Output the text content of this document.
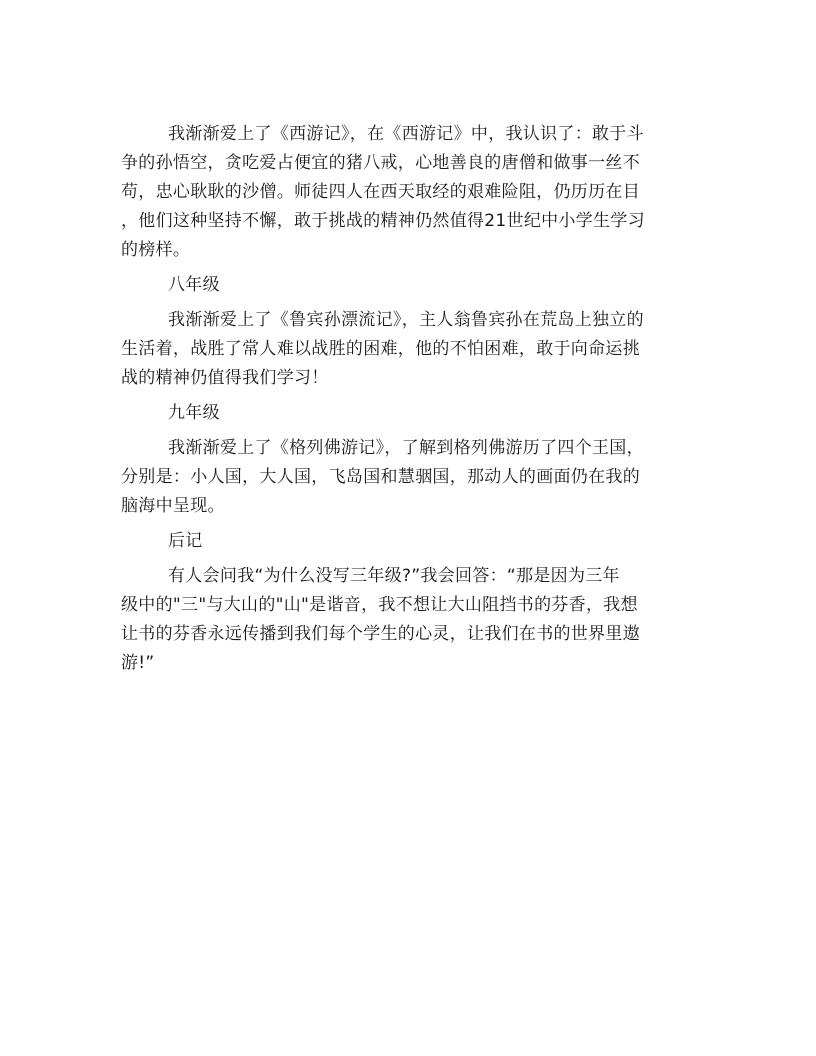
我渐渐爱上了《西游记》，在《西游记》中，我认识了：敢于斗
争的孙悟空，贪吃爱占便宜的猪八戒，心地善良的唐僧和做事一丝不
苟，忠心耿耿的沙僧。师徒四人在西天取经的艰难险阻，仍历历在目
，他们这种坚持不懈，敢于挑战的精神仍然值得21世纪中小学生学习
的榜样。
八年级
我渐渐爱上了《鲁宾孙漂流记》，主人翁鲁宾孙在荒岛上独立的
生活着，战胜了常人难以战胜的困难，他的不怕困难，敢于向命运挑
战的精神仍值得我们学习！
九年级
我渐渐爱上了《格列佛游记》，了解到格列佛游历了四个王国，
分别是：小人国，大人国，飞岛国和慧骃国，那动人的画面仍在我的
脑海中呈现。
后记
有人会问我“为什么没写三年级?”我会回答：“那是因为三年
级中的"三"与大山的"山"是谐音，我不想让大山阻挡书的芬香，我想
让书的芬香永远传播到我们每个学生的心灵，让我们在书的世界里遨
游!”
